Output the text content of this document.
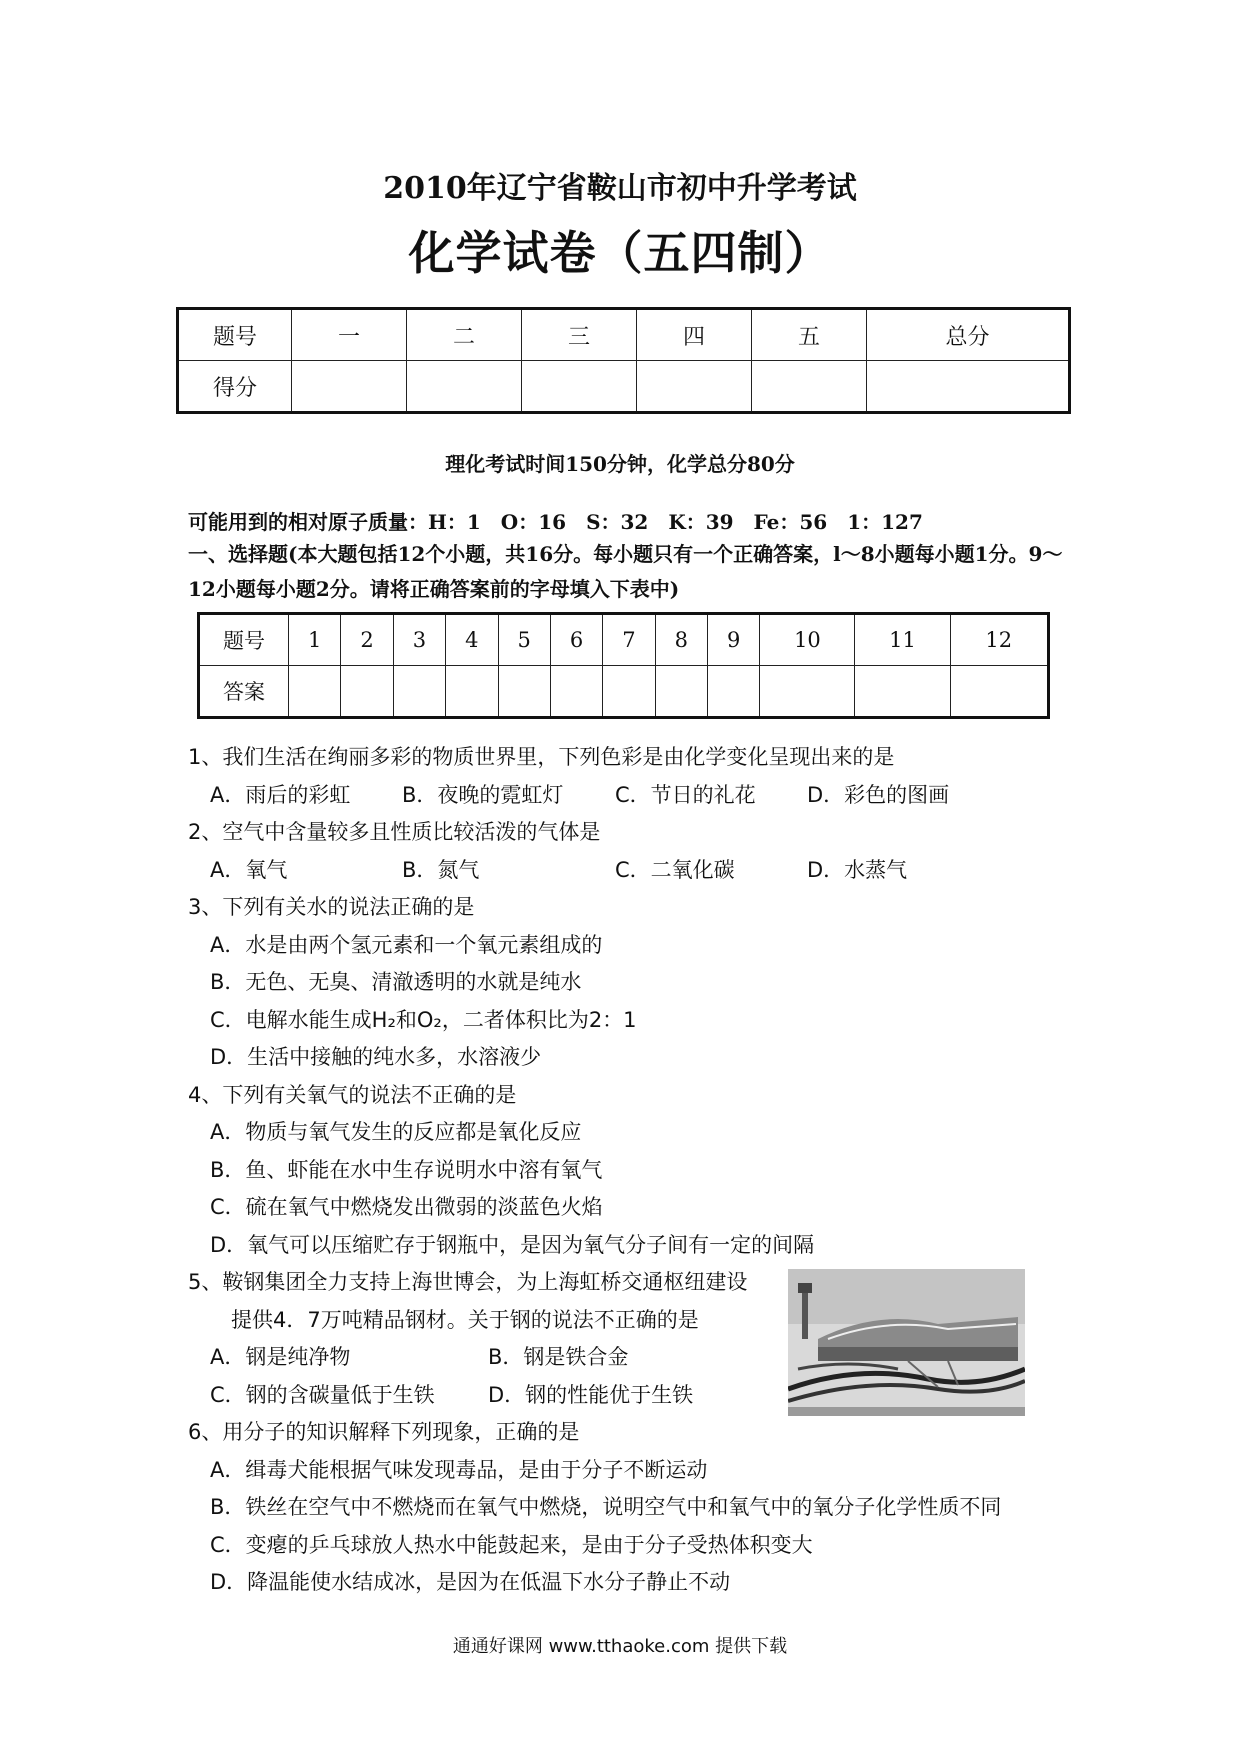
2010年辽宁省鞍山市初中升学考试
化学试卷（五四制）
题号	一	二	三	四	五	总分
得分						
理化考试时间150分钟，化学总分80分
可能用到的相对原子质量：H：1　O：16　S：32　K：39　Fe：56　1：127
一、选择题(本大题包括12个小题，共16分。每小题只有一个正确答案，l～8小题每小题1分。9～12小题每小题2分。请将正确答案前的字母填入下表中)
题号	1	2	3	4	5	6	7	8	9	10	11	12
答案												
1、我们生活在绚丽多彩的物质世界里，下列色彩是由化学变化呈现出来的是
A．雨后的彩虹 B．夜晚的霓虹灯 C．节日的礼花 D．彩色的图画
2、空气中含量较多且性质比较活泼的气体是
A．氧气	B．氮气	C．二氧化碳	D．水蒸气
3、下列有关水的说法正确的是
A．水是由两个氢元素和一个氧元素组成的
B．无色、无臭、清澈透明的水就是纯水
C．电解水能生成H₂和O₂，二者体积比为2：1
D．生活中接触的纯水多，水溶液少
4、下列有关氧气的说法不正确的是
A．物质与氧气发生的反应都是氧化反应
B．鱼、虾能在水中生存说明水中溶有氧气
C．硫在氧气中燃烧发出微弱的淡蓝色火焰
D．氧气可以压缩贮存于钢瓶中，是因为氧气分子间有一定的间隔
5、鞍钢集团全力支持上海世博会，为上海虹桥交通枢纽建设
提供4．7万吨精品钢材。关于钢的说法不正确的是
A．钢是纯净物	B．钢是铁合金
C．钢的含碳量低于生铁	D．钢的性能优于生铁
6、用分子的知识解释下列现象，正确的是
A．缉毒犬能根据气味发现毒品，是由于分子不断运动
B．铁丝在空气中不燃烧而在氧气中燃烧，说明空气中和氧气中的氧分子化学性质不同
C．变瘪的乒乓球放人热水中能鼓起来，是由于分子受热体积变大
D．降温能使水结成冰，是因为在低温下水分子静止不动
通通好课网 www.tthaoke.com 提供下载
